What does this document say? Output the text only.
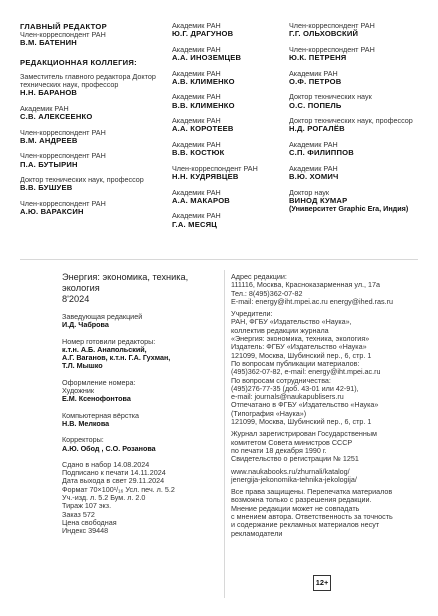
ГЛАВНЫЙ РЕДАКТОР
Член-корреспондент РАН
В.М. БАТЕНИН
РЕДАКЦИОННАЯ КОЛЛЕГИЯ:
Заместитель главного редактора Доктор технических наук, профессор
Н.Н. БАРАНОВ
Академик РАН
С.В. АЛЕКСЕЕНКО
Член-корреспондент РАН
В.М. АНДРЕЕВ
Член-корреспондент РАН
П.А. БУТЫРИН
Доктор технических наук, профессор
В.В. БУШУЕВ
Член-корреспондент РАН
А.Ю. ВАРАКСИН
Академик РАН
Ю.Г. ДРАГУНОВ
Академик РАН
А.А. ИНОЗЕМЦЕВ
Академик РАН
А.В. КЛИМЕНКО
Академик РАН
В.В. КЛИМЕНКО
Академик РАН
А.А. КОРОТЕЕВ
Академик РАН
В.В. КОСТЮК
Член-корреспондент РАН
Н.Н. КУДРЯВЦЕВ
Академик РАН
А.А. МАКАРОВ
Академик РАН
Г.А. МЕСЯЦ
Член-корреспондент РАН
Г.Г. ОЛЬХОВСКИЙ
Член-корреспондент РАН
Ю.К. ПЕТРЕНЯ
Академик РАН
О.Ф. ПЕТРОВ
Доктор технических наук
О.С. ПОПЕЛЬ
Доктор технических наук, профессор
Н.Д. РОГАЛЁВ
Академик РАН
С.П. ФИЛИППОВ
Академик РАН
В.Ю. ХОМИЧ
Доктор наук
ВИНОД КУМАР
(Университет Graphic Era, Индия)
Энергия: экономика, техника, экология
8'2024
Заведующая редакцией
И.Д. Чаброва
Номер готовили редакторы:
к.т.н. А.Б. Анапольский,
А.Г. Ваганов, к.т.н. Г.А. Гухман,
Т.Л. Мышко
Оформление номера:
Художник
Е.М. Ксенофонтова
Компьютерная вёрстка
Н.В. Мелкова
Корректоры:
А.Ю. Обод , С.О. Розанова
Сдано в набор 14.08.2024
Подписано к печати 14.11.2024
Дата выхода в свет 29.11.2024
Формат 70×100¹/₁₆ Усл. печ. л. 5.2
Уч.-изд. л. 5.2 Бум. л. 2.0
Тираж 107 экз.
Заказ 572
Цена свободная
Индекс 39448
Адрес редакции:
111116, Москва, Красноказарменная ул., 17а
Тел.: 8(495)362-07-82
E-mail: energy@iht.mpei.ac.ru energy@ihed.ras.ru
Учредители:
РАН, ФГБУ «Издательство «Наука»,
коллектив редакции журнала
«Энергия: экономика, техника, экология»
Издатель: ФГБУ «Издательство «Наука»
121099, Москва, Шубинский пер., 6, стр. 1
По вопросам публикации материалов:
(495)362-07-82, e-mail: energy@iht.mpei.ac.ru
По вопросам сотрудничества:
(495)276-77-35 (доб. 43-01 или 42-91),
e-mail: journals@naukapublisers.ru
Отпечатано в ФГБУ «Издательство «Наука»
(Типография «Наука»)
121099, Москва, Шубинский пер., 6, стр. 1
Журнал зарегистрирован Государственным
комитетом Совета министров СССР
по печати 18 декабря 1990 г.
Свидетельство о регистрации № 1251
www.naukabooks.ru/zhurnali/katalog/
jenergija-jekonomika-tehnika-jekologija/
Все права защищены. Перепечатка материалов
возможна только с разрешения редакции.
Мнение редакции может не совпадать
с мнением автора. Ответственность за точность
и содержание рекламных материалов несут
рекламодатели
12+
